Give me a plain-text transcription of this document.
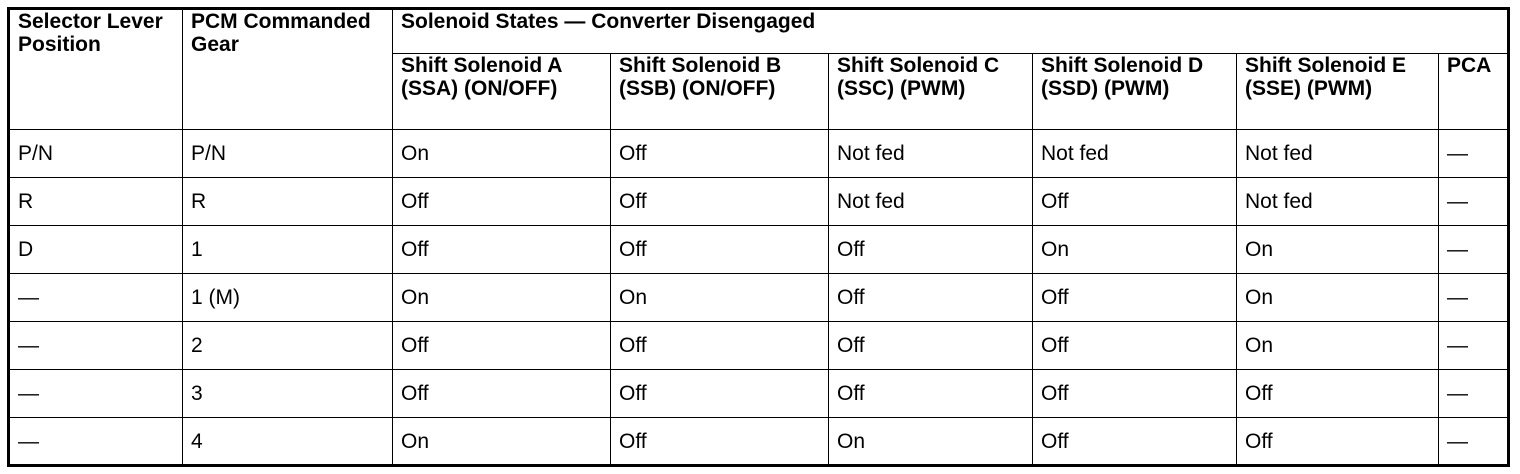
Selector Lever Position	PCM Commanded Gear	Solenoid States — Converter Disengaged					
		Shift Solenoid A (SSA) (ON/OFF)	Shift Solenoid B (SSB) (ON/OFF)	Shift Solenoid C (SSC) (PWM)	Shift Solenoid D (SSD) (PWM)	Shift Solenoid E (SSE) (PWM)	PCA
P/N	P/N	On	Off	Not fed	Not fed	Not fed	—
R	R	Off	Off	Not fed	Off	Not fed	—
D	1	Off	Off	Off	On	On	—
—	1 (M)	On	On	Off	Off	On	—
—	2	Off	Off	Off	Off	On	—
—	3	Off	Off	Off	Off	Off	—
—	4	On	Off	On	Off	Off	—
